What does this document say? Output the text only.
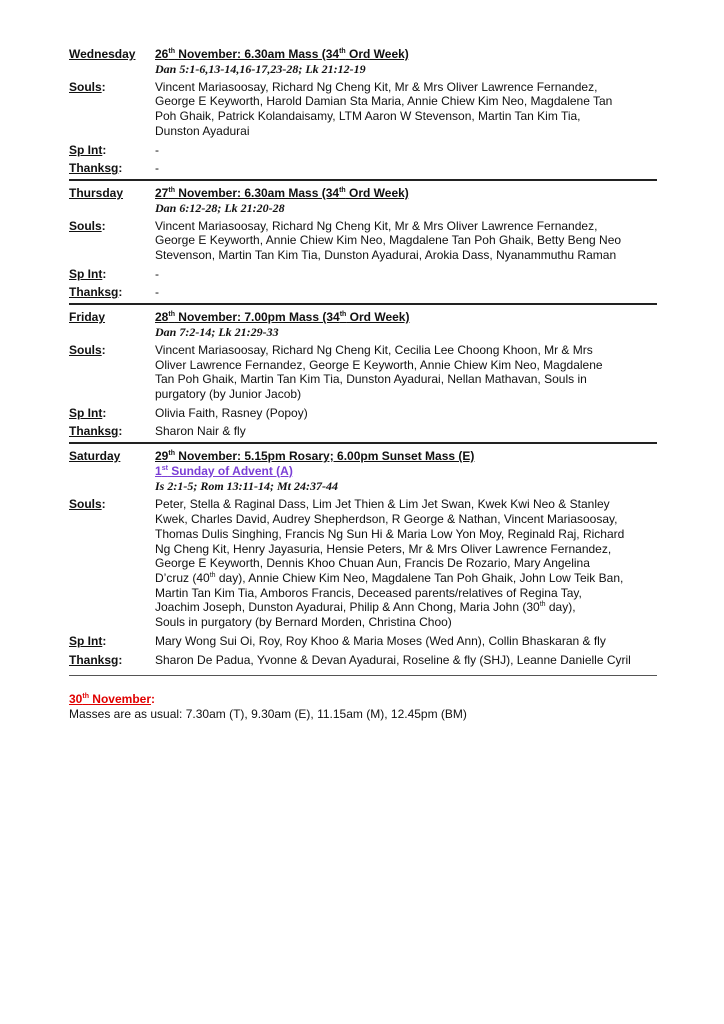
Wednesday	26th November: 6.30am Mass (34th Ord Week)
Dan 5:1-6,13-14,16-17,23-28; Lk 21:12-19
Souls:	Vincent Mariasoosay, Richard Ng Cheng Kit, Mr & Mrs Oliver Lawrence Fernandez,
George E Keyworth, Harold Damian Sta Maria, Annie Chiew Kim Neo, Magdalene Tan
Poh Ghaik, Patrick Kolandaisamy, LTM Aaron W Stevenson, Martin Tan Kim Tia,
Dunston Ayadurai
Sp Int:	-
Thanksg:	-
Thursday	27th November: 6.30am Mass (34th Ord Week)
Dan 6:12-28; Lk 21:20-28
Souls:	Vincent Mariasoosay, Richard Ng Cheng Kit, Mr & Mrs Oliver Lawrence Fernandez,
George E Keyworth, Annie Chiew Kim Neo, Magdalene Tan Poh Ghaik, Betty Beng Neo
Stevenson, Martin Tan Kim Tia, Dunston Ayadurai, Arokia Dass, Nyanammuthu Raman
Sp Int:	-
Thanksg:	-
Friday	28th November: 7.00pm Mass (34th Ord Week)
Dan 7:2-14; Lk 21:29-33
Souls:	Vincent Mariasoosay, Richard Ng Cheng Kit, Cecilia Lee Choong Khoon, Mr & Mrs
Oliver Lawrence Fernandez, George E Keyworth, Annie Chiew Kim Neo, Magdalene
Tan Poh Ghaik, Martin Tan Kim Tia, Dunston Ayadurai, Nellan Mathavan, Souls in
purgatory (by Junior Jacob)
Sp Int:	Olivia Faith, Rasney (Popoy)
Thanksg:	Sharon Nair & fly
Saturday	29th November: 5.15pm Rosary; 6.00pm Sunset Mass (E)
1st Sunday of Advent (A)
Is 2:1-5; Rom 13:11-14; Mt 24:37-44
Souls:	Peter, Stella & Raginal Dass, Lim Jet Thien & Lim Jet Swan, Kwek Kwi Neo & Stanley
Kwek, Charles David, Audrey Shepherdson, R George & Nathan, Vincent Mariasoosay,
Thomas Dulis Singhing, Francis Ng Sun Hi & Maria Low Yon Moy, Reginald Raj, Richard
Ng Cheng Kit, Henry Jayasuria, Hensie Peters, Mr & Mrs Oliver Lawrence Fernandez,
George E Keyworth, Dennis Khoo Chuan Aun, Francis De Rozario, Mary Angelina
D’cruz (40th day), Annie Chiew Kim Neo, Magdalene Tan Poh Ghaik, John Low Teik Ban,
Martin Tan Kim Tia, Amboros Francis, Deceased parents/relatives of Regina Tay,
Joachim Joseph, Dunston Ayadurai, Philip & Ann Chong, Maria John (30th day),
Souls in purgatory (by Bernard Morden, Christina Choo)
Sp Int:	Mary Wong Sui Oi, Roy, Roy Khoo & Maria Moses (Wed Ann), Collin Bhaskaran & fly
Thanksg:	Sharon De Padua, Yvonne & Devan Ayadurai, Roseline & fly (SHJ), Leanne Danielle Cyril
30th November:
Masses are as usual: 7.30am (T), 9.30am (E), 11.15am (M), 12.45pm (BM)
